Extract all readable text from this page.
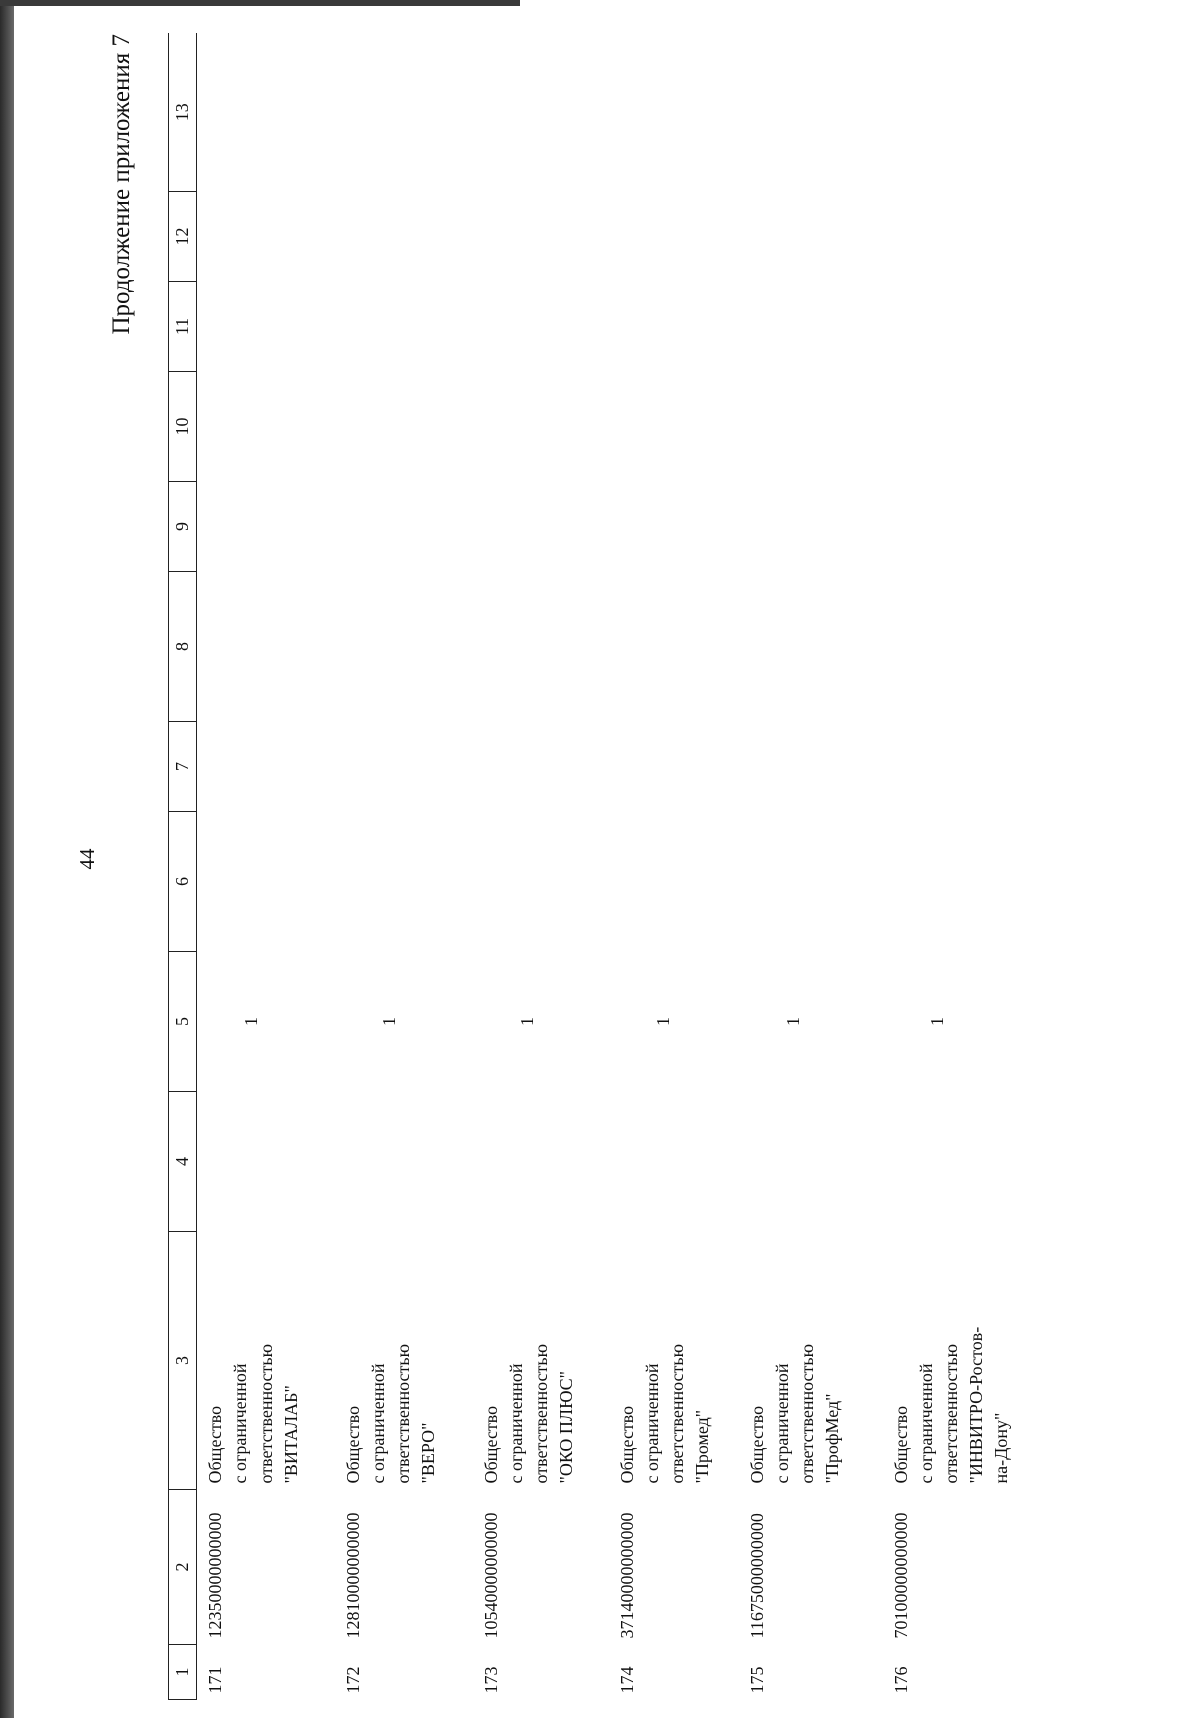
44
Продолжение приложения 7
1	2	3	4	5	6	7	8	9	10	11	12	13
171	12350000000000	Общество
с ограниченной
ответственностью
"ВИТАЛАБ"		1								
172	12810000000000	Общество
с ограниченной
ответственностью
"ВЕРО"		1								
173	10540000000000	Общество
с ограниченной
ответственностью
"ОКО ПЛЮС"		1								
174	37140000000000	Общество
с ограниченной
ответственностью
"Промед"		1								
175	11675000000000	Общество
с ограниченной
ответственностью
"ПрофМед"		1								
176	70100000000000	Общество
с ограниченной
ответственностью
"ИНВИТРО-Ростов-
на-Дону"		1								
